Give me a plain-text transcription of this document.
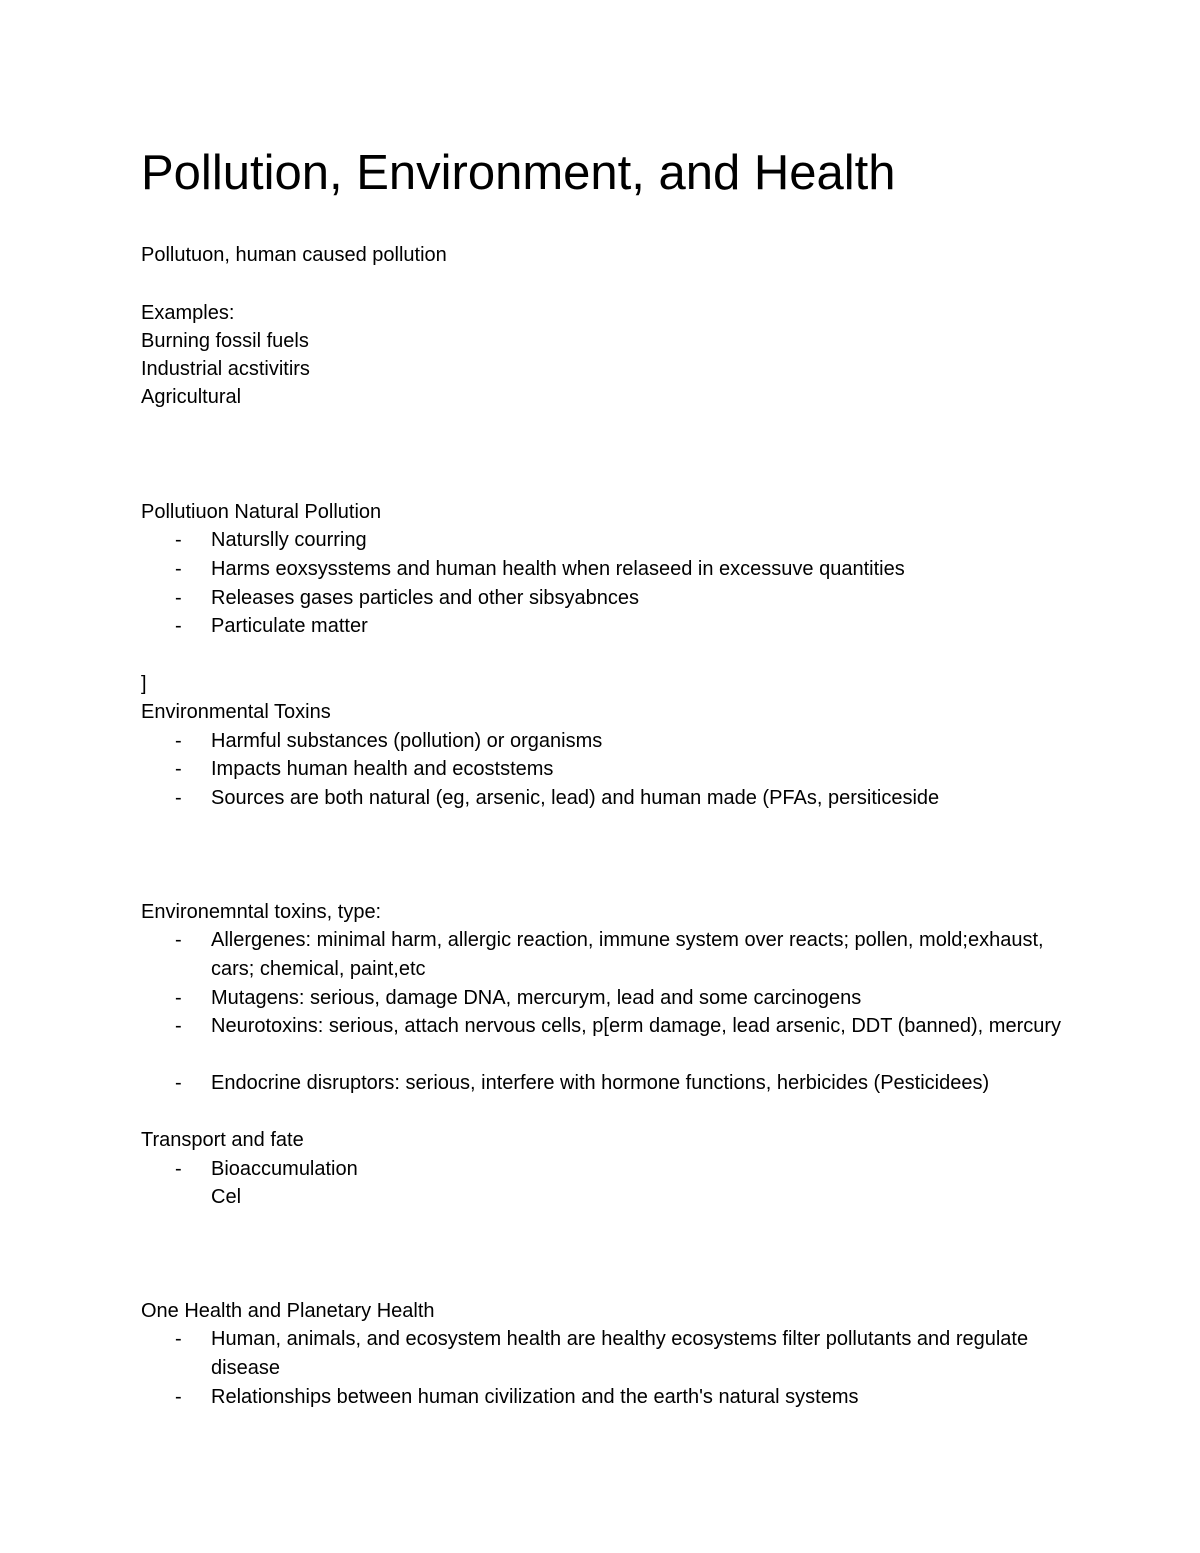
Pollution, Environment, and Health

Pollutuon, human caused pollution

Examples:

Burning fossil fuels

Industrial acstivitirs

Agricultural

Pollutiuon Natural Pollution

- Naturslly courring
- Harms eoxsysstems and human health when relaseed in excessuve quantities
- Releases gases particles and other sibsyabnces
- Particulate matter

]

Environmental Toxins

- Harmful substances (pollution) or organisms
- Impacts human health and ecoststems
- Sources are both natural (eg, arsenic, lead) and human made (PFAs, persiticeside

Environemntal toxins, type:

- Allergenes: minimal harm, allergic reaction, immune system over reacts; pollen, mold;exhaust, cars; chemical, paint,etc
- Mutagens: serious, damage DNA, mercurym, lead and some carcinogens
- Neurotoxins: serious, attach nervous cells, p[erm damage, lead arsenic, DDT (banned), mercury
- Endocrine disruptors: serious, interfere with hormone functions, herbicides (Pesticidees)

Transport and fate

- Bioaccumulation

Cel

One Health and Planetary Health

- Human, animals, and ecosystem health are healthy ecosystems filter pollutants and regulate disease
- Relationships between human civilization and the earth's natural systems
